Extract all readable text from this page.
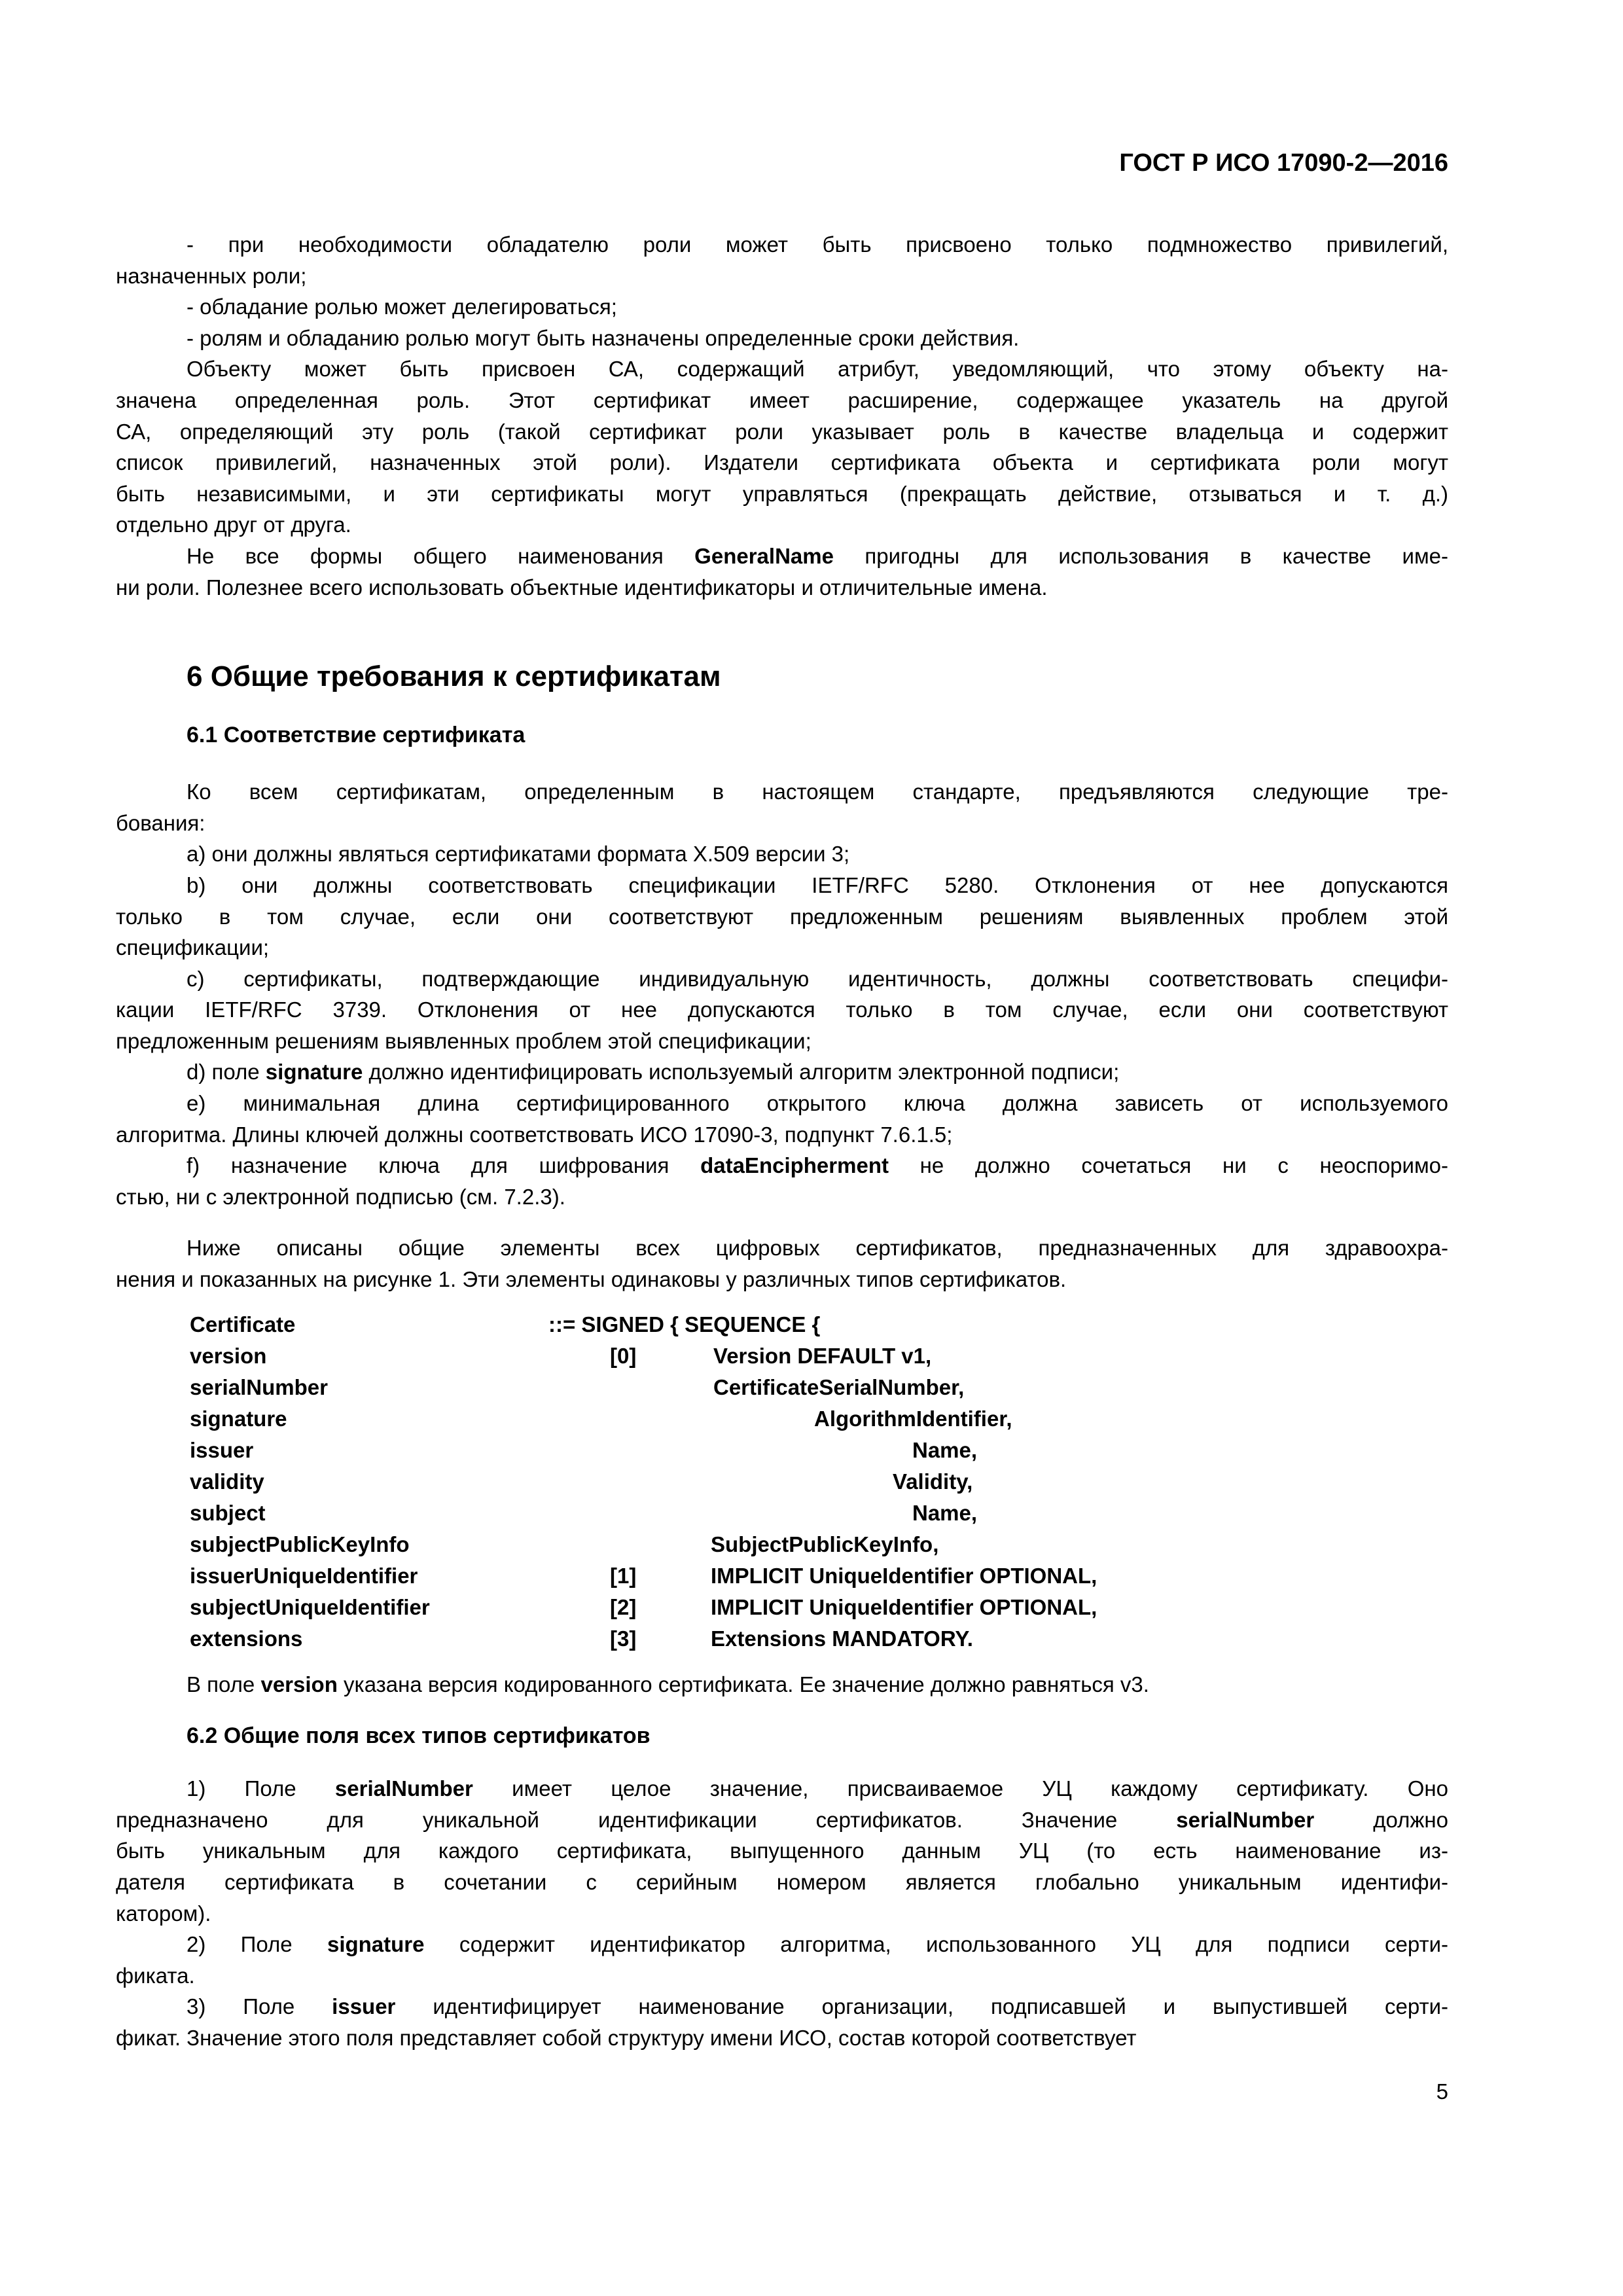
ГОСТ Р ИСО 17090-2—2016
- при необходимости обладателю роли может быть присвоено только подмножество привилегий,
назначенных роли;
- обладание ролью может делегироваться;
- ролям и обладанию ролью могут быть назначены определенные сроки действия.
Объекту может быть присвоен СА, содержащий атрибут, уведомляющий, что этому объекту на-
значена определенная роль. Этот сертификат имеет расширение, содержащее указатель на другой
СА, определяющий эту роль (такой сертификат роли указывает роль в качестве владельца и содержит
список привилегий, назначенных этой роли). Издатели сертификата объекта и сертификата роли могут
быть независимыми, и эти сертификаты могут управляться (прекращать действие, отзываться и т. д.)
отдельно друг от друга.
Не все формы общего наименования GeneralName пригодны для использования в качестве име-
ни роли. Полезнее всего использовать объектные идентификаторы и отличительные имена.
6 Общие требования к сертификатам
6.1 Соответствие сертификата
Ко всем сертификатам, определенным в настоящем стандарте, предъявляются следующие тре-
бования:
a) они должны являться сертификатами формата X.509 версии 3;
b) они должны соответствовать спецификации IETF/RFC 5280. Отклонения от нее допускаются
только в том случае, если они соответствуют предложенным решениям выявленных проблем этой
спецификации;
c) сертификаты, подтверждающие индивидуальную идентичность, должны соответствовать специфи-
кации IETF/RFC 3739. Отклонения от нее допускаются только в том случае, если они соответствуют
предложенным решениям выявленных проблем этой спецификации;
d) поле signature должно идентифицировать используемый алгоритм электронной подписи;
e) минимальная длина сертифицированного открытого ключа должна зависеть от используемого
алгоритма. Длины ключей должны соответствовать ИСО 17090-3, подпункт 7.6.1.5;
f) назначение ключа для шифрования dataEncipherment не должно сочетаться ни с неоспоримо-
стью, ни с электронной подписью (см. 7.2.3).
Ниже описаны общие элементы всех цифровых сертификатов, предназначенных для здравоохра-
нения и показанных на рисунке 1. Эти элементы одинаковы у различных типов сертификатов.
Certificate	::= SIGNED { SEQUENCE {
version	[0]	Version DEFAULT v1,
serialNumber	CertificateSerialNumber,
signature	AlgorithmIdentifier,
issuer	Name,
validity	Validity,
subject	Name,
subjectPublicKeyInfo	SubjectPublicKeyInfo,
issuerUniqueIdentifier	[1]	IMPLICIT UniqueIdentifier OPTIONAL,
subjectUniqueIdentifier	[2]	IMPLICIT UniqueIdentifier OPTIONAL,
extensions	[3]	Extensions MANDATORY.
В поле version указана версия кодированного сертификата. Ее значение должно равняться v3.
6.2 Общие поля всех типов сертификатов
1) Поле serialNumber имеет целое значение, присваиваемое УЦ каждому сертификату. Оно
предназначено для уникальной идентификации сертификатов. Значение serialNumber должно
быть уникальным для каждого сертификата, выпущенного данным УЦ (то есть наименование из-
дателя сертификата в сочетании с серийным номером является глобально уникальным идентифи-
катором).
2) Поле signature содержит идентификатор алгоритма, использованного УЦ для подписи серти-
фиката.
3) Поле issuer идентифицирует наименование организации, подписавшей и выпустившей серти-
фикат. Значение этого поля представляет собой структуру имени ИСО, состав которой соответствует
5
